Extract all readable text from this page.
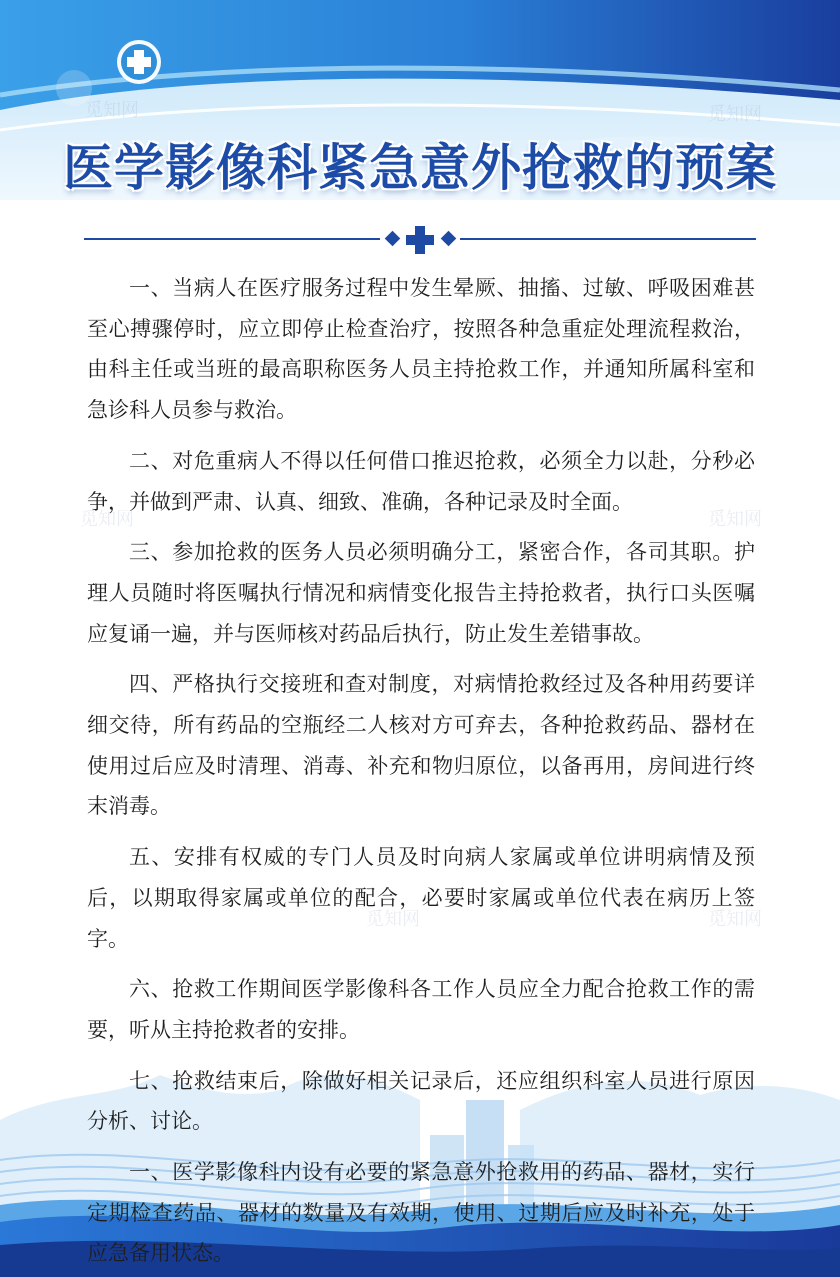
觅知网	觅知网
觅知网	觅知网
觅知网	觅知网
医学影像科紧急意外抢救的预案

一、当病人在医疗服务过程中发生晕厥、抽搐、过敏、呼吸困难甚至心搏骤停时，应立即停止检查治疗，按照各种急重症处理流程救治，由科主任或当班的最高职称医务人员主持抢救工作，并通知所属科室和急诊科人员参与救治。

二、对危重病人不得以任何借口推迟抢救，必须全力以赴，分秒必争，并做到严肃、认真、细致、准确，各种记录及时全面。

三、参加抢救的医务人员必须明确分工，紧密合作，各司其职。护理人员随时将医嘱执行情况和病情变化报告主持抢救者，执行口头医嘱应复诵一遍，并与医师核对药品后执行，防止发生差错事故。

四、严格执行交接班和查对制度，对病情抢救经过及各种用药要详细交待，所有药品的空瓶经二人核对方可弃去，各种抢救药品、器材在使用过后应及时清理、消毒、补充和物归原位，以备再用，房间进行终末消毒。

五、安排有权威的专门人员及时向病人家属或单位讲明病情及预后，以期取得家属或单位的配合，必要时家属或单位代表在病历上签字。

六、抢救工作期间医学影像科各工作人员应全力配合抢救工作的需要，听从主持抢救者的安排。

七、抢救结束后，除做好相关记录后，还应组织科室人员进行原因分析、讨论。

一、医学影像科内设有必要的紧急意外抢救用的药品、器材，实行定期检查药品、器材的数量及有效期，使用、过期后应及时补充，处于应急备用状态。
